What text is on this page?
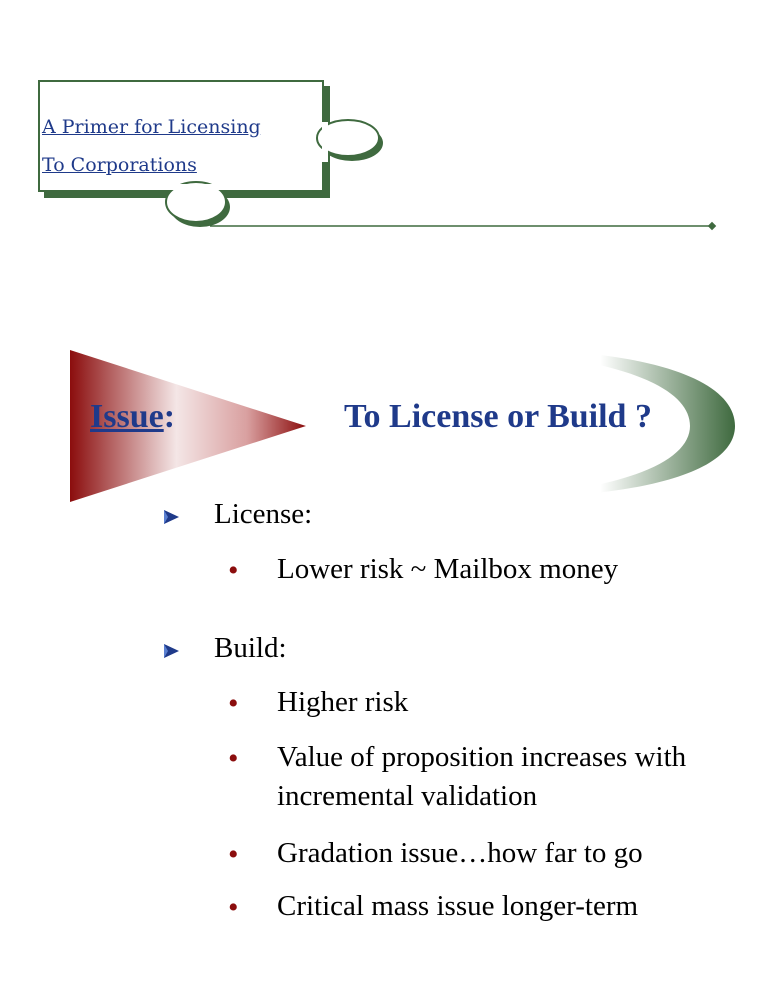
A Primer for Licensing
To Corporations
Issue:	To License or Build ?
License:
• Lower risk ~ Mailbox money
Build:
• Higher risk
• Value of proposition increases with incremental validation
• Gradation issue…how far to go
• Critical mass issue longer-term
